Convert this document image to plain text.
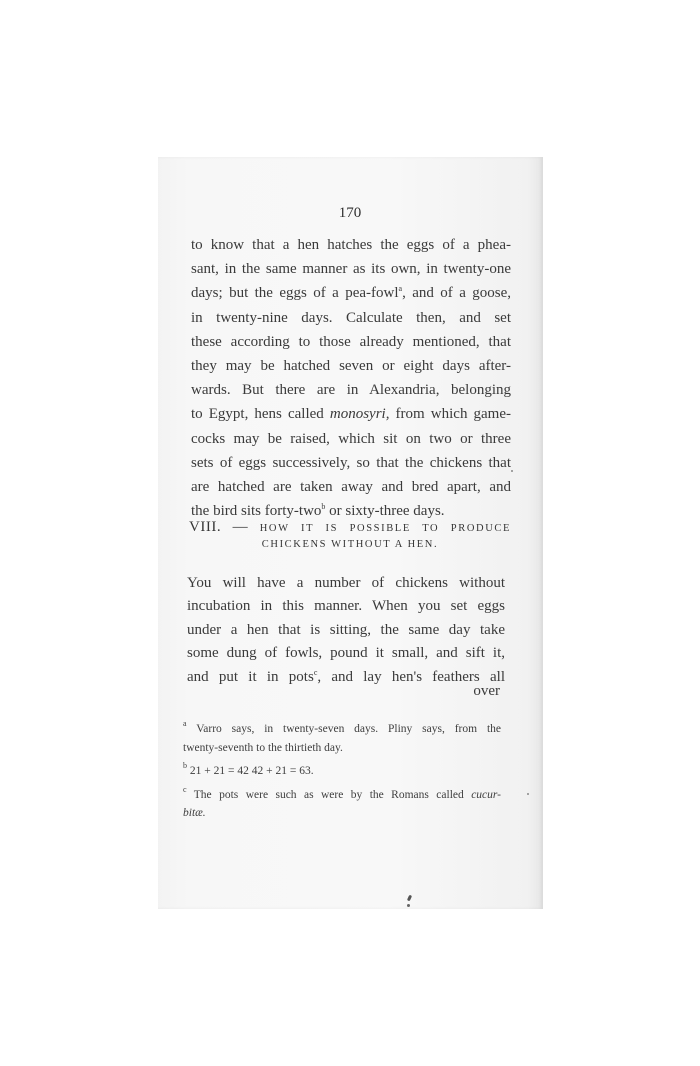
170
to know that a hen hatches the eggs of a phea-
sant, in the same manner as its own, in twenty-one
days; but the eggs of a pea-fowl$^a$, and of a goose,
in twenty-nine days. Calculate then, and set
these according to those already mentioned, that
they may be hatched seven or eight days after-
wards. But there are in Alexandria, belonging
to Egypt, hens called monosyri, from which game-
cocks may be raised, which sit on two or three
sets of eggs successively, so that the chickens that
are hatched are taken away and bred apart, and
the bird sits forty-two$^b$ or sixty-three days.
VIII. — HOW IT IS POSSIBLE TO PRODUCE
CHICKENS WITHOUT A HEN.
You will have a number of chickens without
incubation in this manner. When you set eggs
under a hen that is sitting, the same day take
some dung of fowls, pound it small, and sift it,
and put it in pots$^c$, and lay hen's feathers all
over
$^a$ Varro says, in twenty-seven days. Pliny says, from the
twenty-seventh to the thirtieth day.
$^b$ 21 + 21 = 42 42 + 21 = 63.
$^c$ The pots were such as were by the Romans called cucur-
bitæ.
